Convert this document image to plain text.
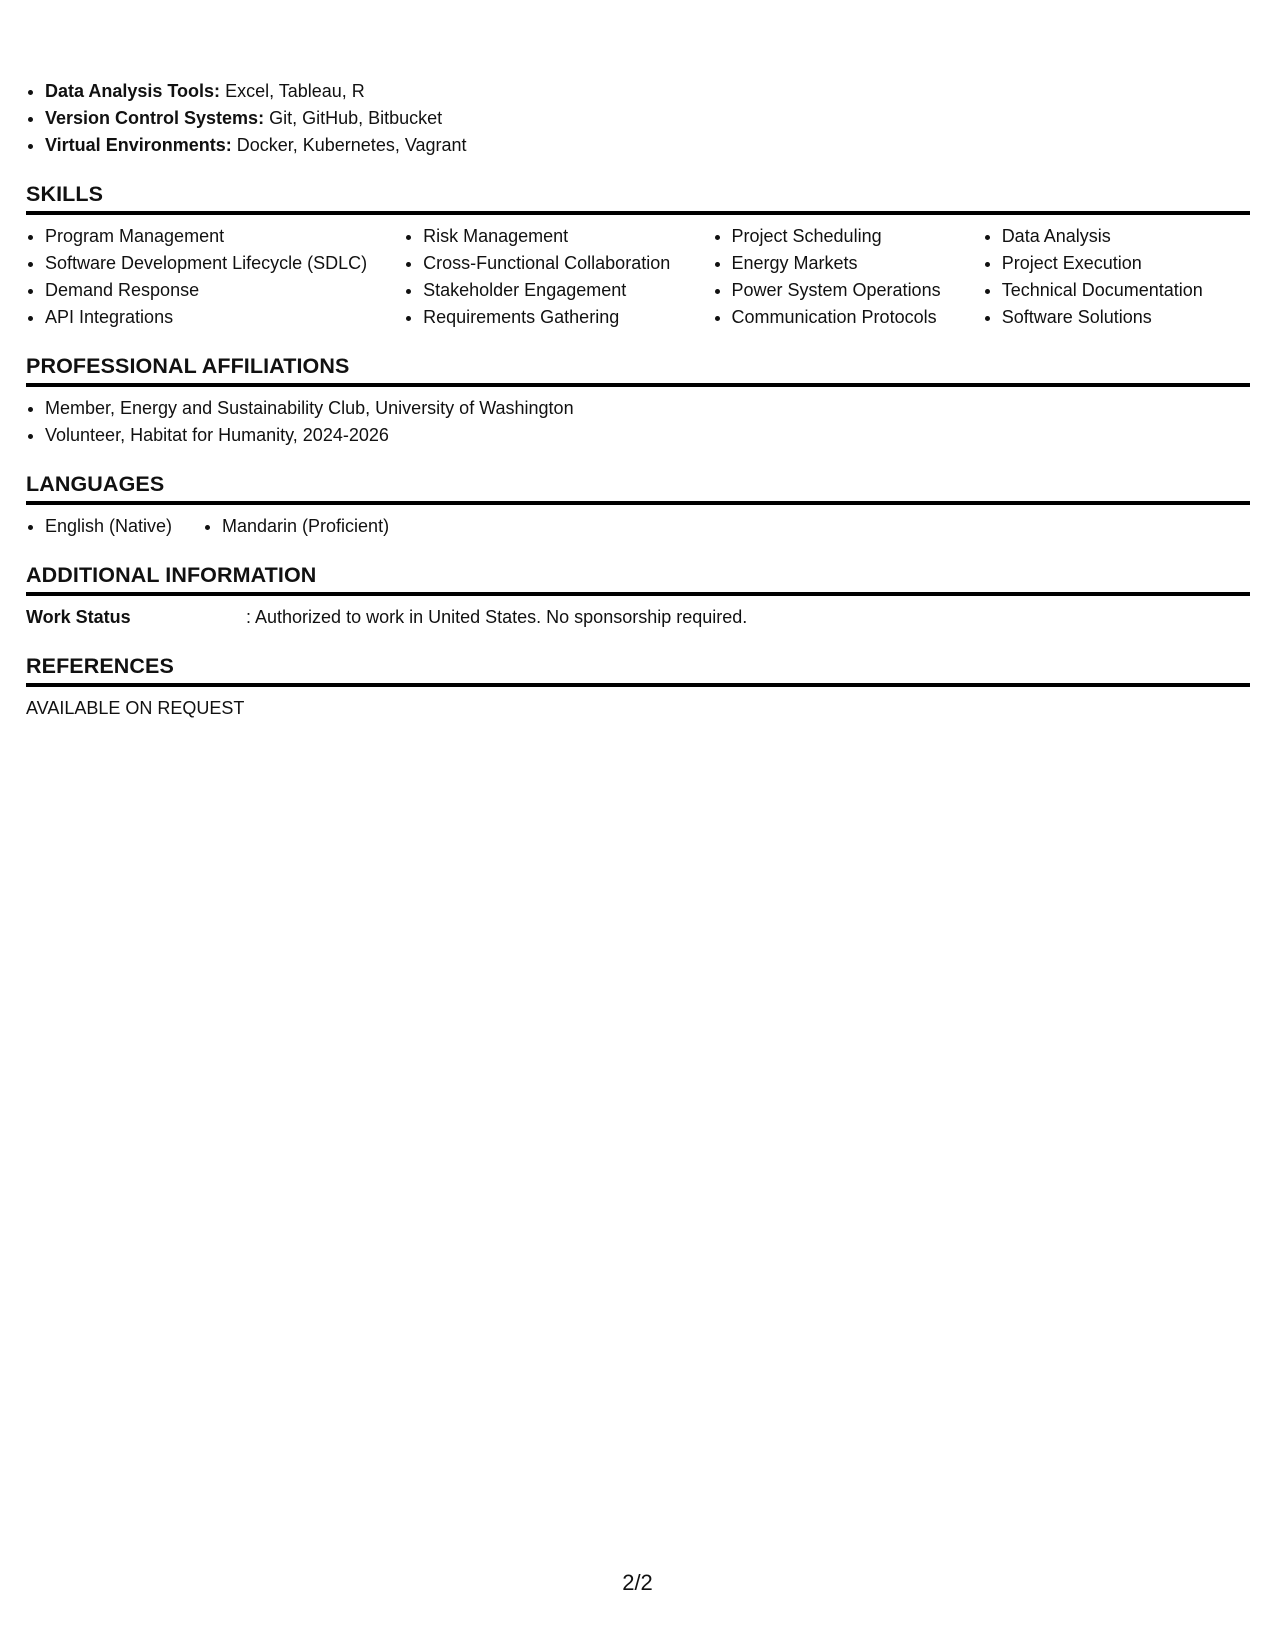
• Data Analysis Tools: Excel, Tableau, R
• Version Control Systems: Git, GitHub, Bitbucket
• Virtual Environments: Docker, Kubernetes, Vagrant
SKILLS
• Program Management
• Software Development Lifecycle (SDLC)
• Demand Response
• API Integrations
• Risk Management
• Cross-Functional Collaboration
• Stakeholder Engagement
• Requirements Gathering
• Project Scheduling
• Energy Markets
• Power System Operations
• Communication Protocols
• Data Analysis
• Project Execution
• Technical Documentation
• Software Solutions
PROFESSIONAL AFFILIATIONS
• Member, Energy and Sustainability Club, University of Washington
• Volunteer, Habitat for Humanity, 2024-2026
LANGUAGES
• English (Native)
•	Mandarin (Proficient)
ADDITIONAL INFORMATION
Work Status	: Authorized to work in United States. No sponsorship required.
REFERENCES
AVAILABLE ON REQUEST
2/2
